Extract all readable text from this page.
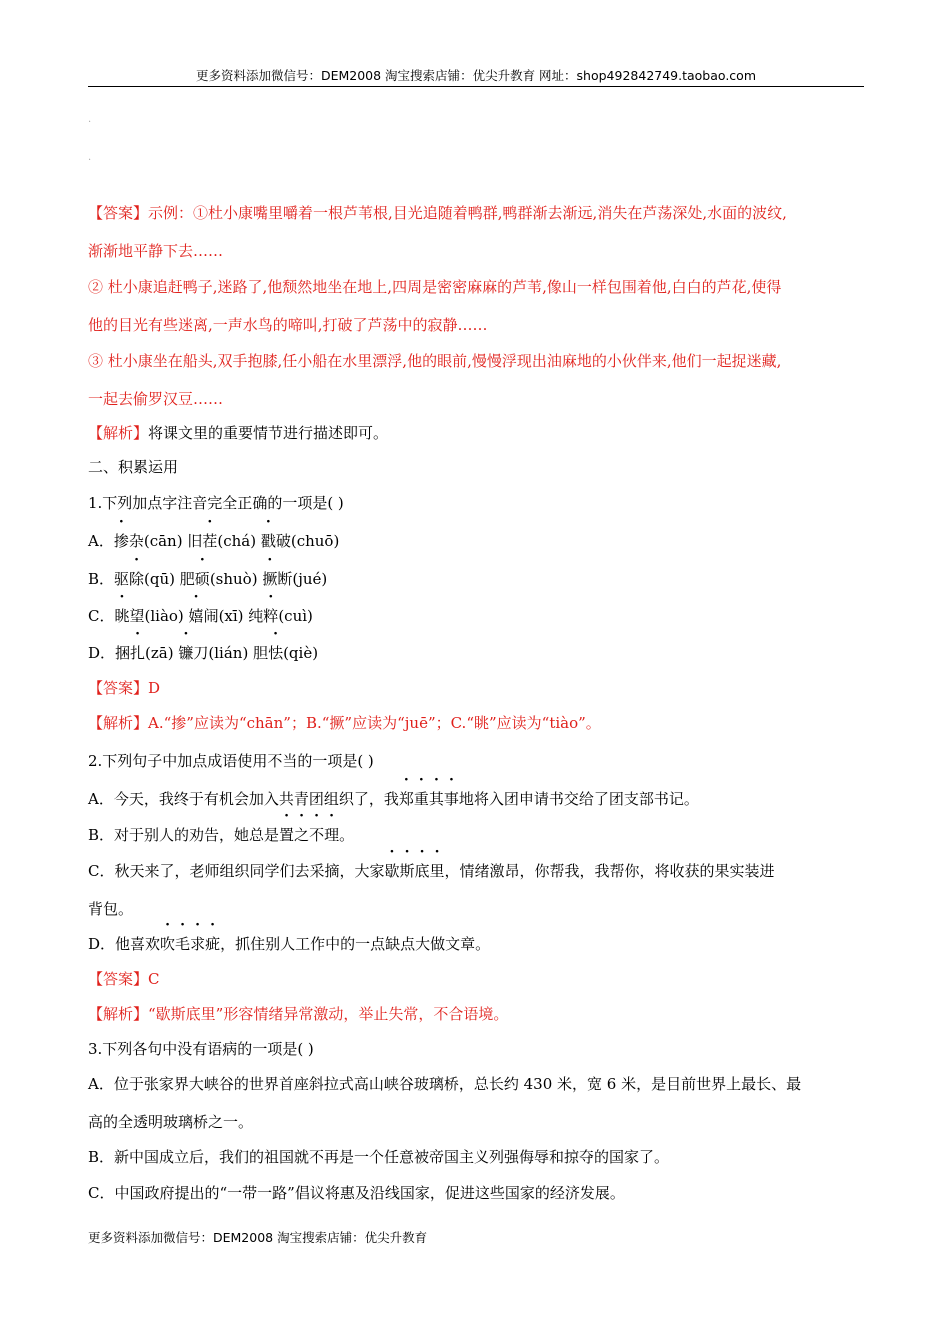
更多资料添加微信号：DEM2008 淘宝搜索店铺：优尖升教育 网址：shop492842749.taobao.com
.
.
【答案】示例：①杜小康嘴里嚼着一根芦苇根,目光追随着鸭群,鸭群渐去渐远,消失在芦荡深处,水面的波纹,
渐渐地平静下去……
② 杜小康追赶鸭子,迷路了,他颓然地坐在地上,四周是密密麻麻的芦苇,像山一样包围着他,白白的芦花,使得
他的目光有些迷离,一声水鸟的啼叫,打破了芦荡中的寂静……
③ 杜小康坐在船头,双手抱膝,任小船在水里漂浮,他的眼前,慢慢浮现出油麻地的小伙伴来,他们一起捉迷藏,
一起去偷罗汉豆……
【解析】将课文里的重要情节进行描述即可。
二、积累运用
1.下列加点字注音完全正确的一项是( )
A．掺杂(cān) 旧茬(chá) 戳破(chuō)
B．驱除(qū) 肥硕(shuò) 撅断(jué)
C．眺望(liào) 嬉闹(xī) 纯粹(cuì)
D．捆扎(zā) 镰刀(lián) 胆怯(qiè)
【答案】D
【解析】A.“掺”应读为“chān”；B.“撅”应读为“juē”；C.“眺”应读为“tiào”。
2.下列句子中加点成语使用不当的一项是( )
A．今天，我终于有机会加入共青团组织了，我郑重其事地将入团申请书交给了团支部书记。
B．对于别人的劝告，她总是置之不理。
C．秋天来了，老师组织同学们去采摘，大家歇斯底里，情绪激昂，你帮我，我帮你，将收获的果实装进
背包。
D．他喜欢吹毛求疵，抓住别人工作中的一点缺点大做文章。
【答案】C
【解析】“歇斯底里”形容情绪异常激动，举止失常，不合语境。
3.下列各句中没有语病的一项是( )
A．位于张家界大峡谷的世界首座斜拉式高山峡谷玻璃桥，总长约 430 米，宽 6 米，是目前世界上最长、最
高的全透明玻璃桥之一。
B．新中国成立后，我们的祖国就不再是一个任意被帝国主义列强侮辱和掠夺的国家了。
C．中国政府提出的“一带一路”倡议将惠及沿线国家，促进这些国家的经济发展。
更多资料添加微信号：DEM2008 淘宝搜索店铺：优尖升教育
